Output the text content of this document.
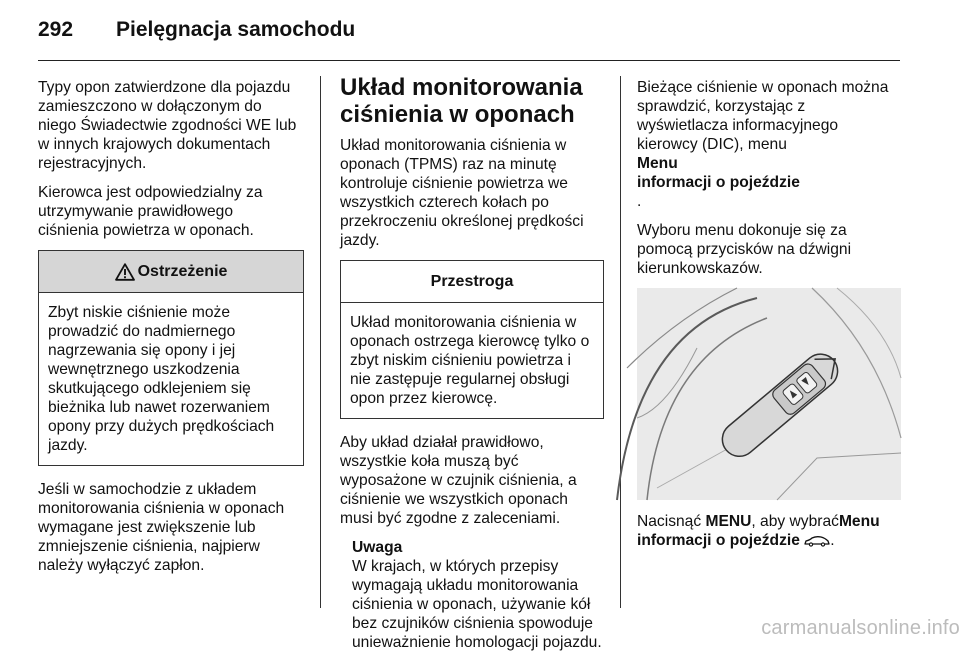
292 Pielęgnacja samochodu

Typy opon zatwierdzone dla pojazdu
zamieszczono w dołączonym do
niego Świadectwie zgodności WE lub
w innych krajowych dokumentach
rejestracyjnych.

Kierowca jest odpowiedzialny za
utrzymywanie prawidłowego
ciśnienia powietrza w oponach.

Ostrzeżenie
Zbyt niskie ciśnienie może
prowadzić do nadmiernego
nagrzewania się opony i jej
wewnętrznego uszkodzenia
skutkującego odklejeniem się
bieżnika lub nawet rozerwaniem
opony przy dużych prędkościach
jazdy.

Jeśli w samochodzie z układem
monitorowania ciśnienia w oponach
wymagane jest zwiększenie lub
zmniejszenie ciśnienia, najpierw
należy wyłączyć zapłon.

Układ monitorowania
ciśnienia w oponach

Układ monitorowania ciśnienia w
oponach (TPMS) raz na minutę
kontroluje ciśnienie powietrza we
wszystkich czterech kołach po
przekroczeniu określonej prędkości
jazdy.

Przestroga
Układ monitorowania ciśnienia w
oponach ostrzega kierowcę tylko o
zbyt niskim ciśnieniu powietrza i
nie zastępuje regularnej obsługi
opon przez kierowcę.

Aby układ działał prawidłowo,
wszystkie koła muszą być
wyposażone w czujnik ciśnienia, a
ciśnienie we wszystkich oponach
musi być zgodne z zaleceniami.

Uwaga
W krajach, w których przepisy
wymagają układu monitorowania
ciśnienia w oponach, używanie kół
bez czujników ciśnienia spowoduje
unieważnienie homologacji pojazdu.

Bieżące ciśnienie w oponach można
sprawdzić, korzystając z
wyświetlacza informacyjnego
kierowcy (DIC), menu
Menu
informacji o pojeździe
.

Wyboru menu dokonuje się za
pomocą przycisków na dźwigni
kierunkowskazów.

Nacisnąć MENU, aby wybraćMenu
informacji o pojeździe .

carmanualsonline.info
